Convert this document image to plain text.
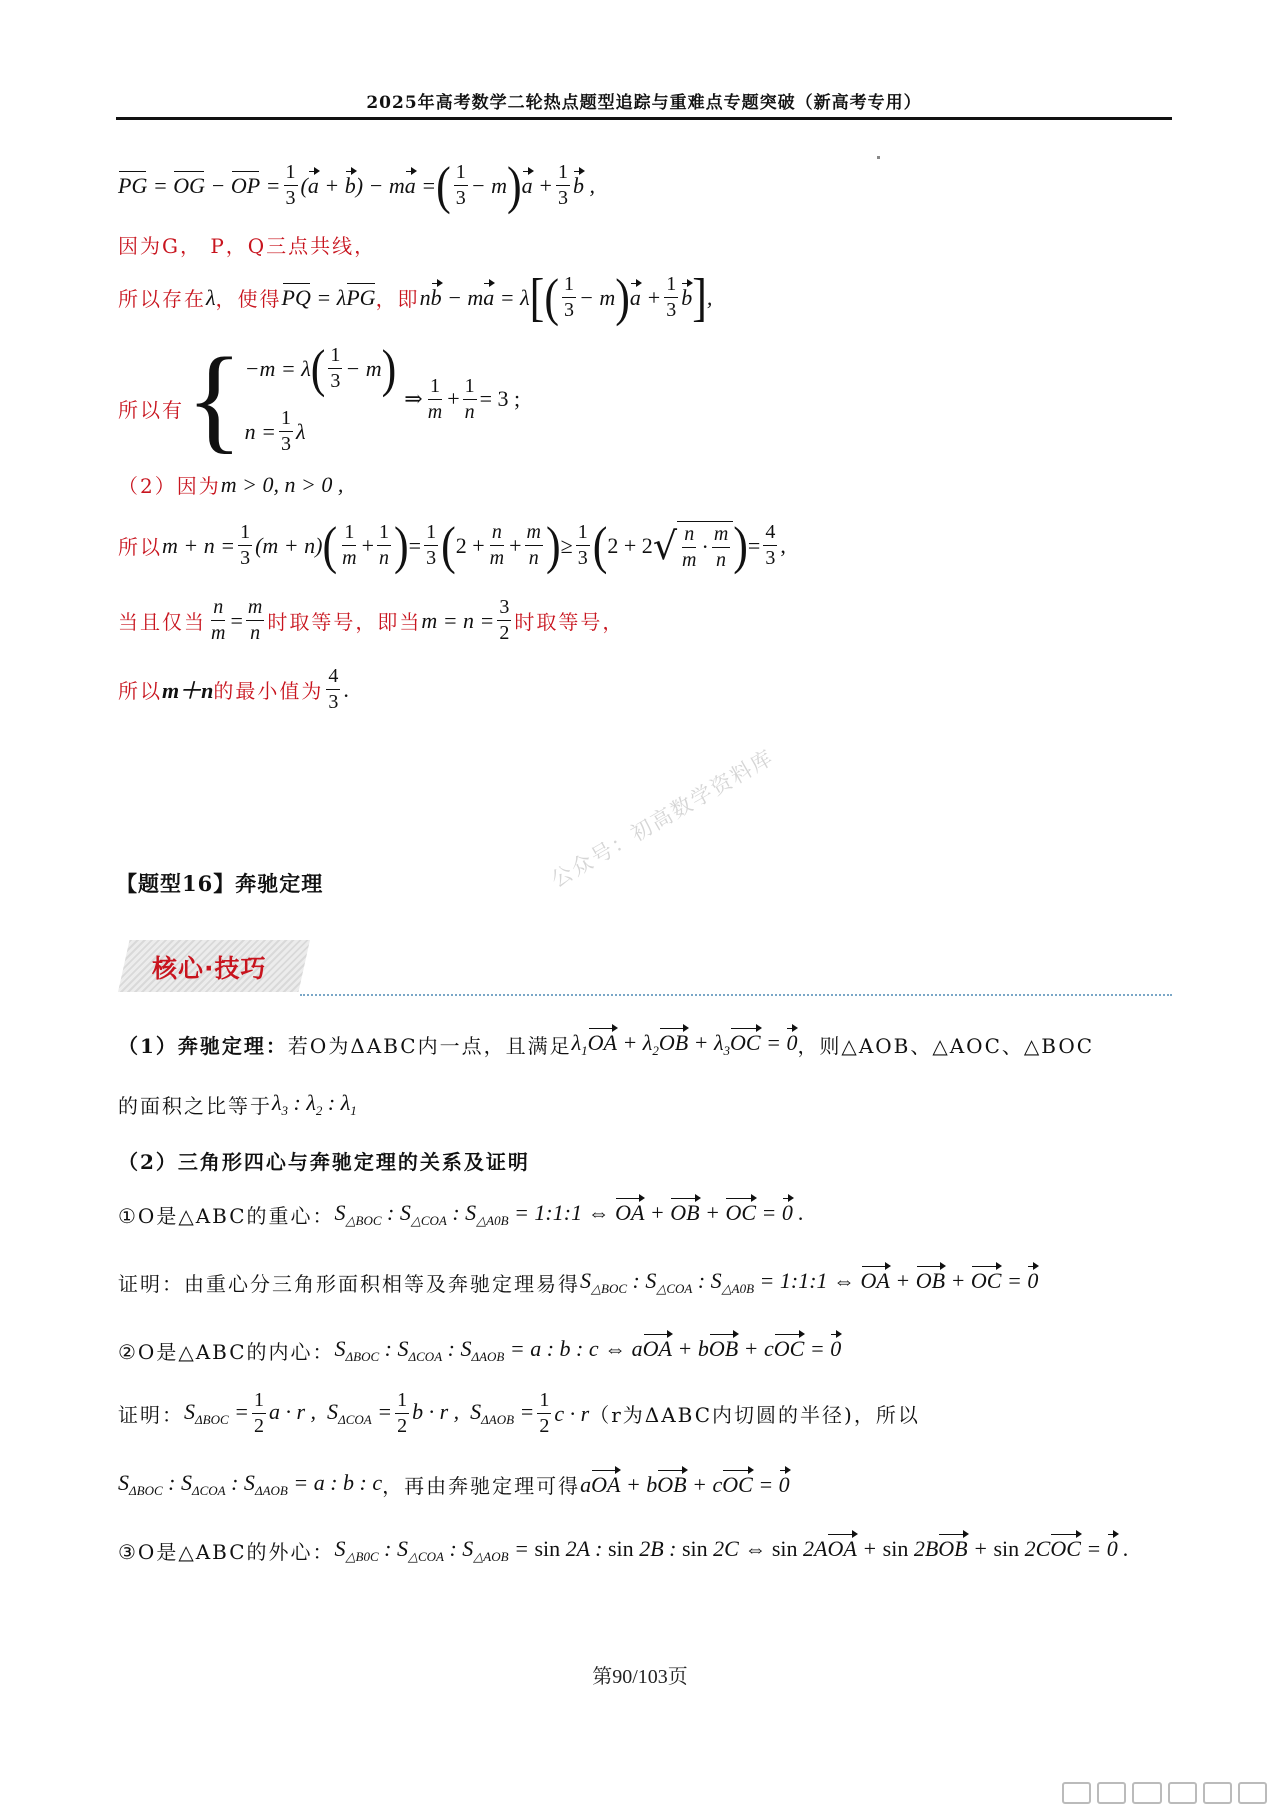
2025年高考数学二轮热点题型追踪与重难点专题突破（新高考专用）
PG = OG − OP = $\frac{1}{3} (a + b)$ − ma = ( $\frac{1}{3} - m$ ) $a + \frac{1}{3}$ b ,
因为G， P，Q三点共线，
所以存在 λ ，使得 PQ = λPG ，即 nb − ma = λ [ ( $\frac{1}{3} - m$ ) $a + \frac{1}{3}$ b ] ,
所以有 { −m = λ ( $\frac{1}{3} - m$ )
$n = \frac{1}{3}$ λ
⇒ $\frac{1}{m} + \frac{1}{n} = 3$ ;
（2）因为 m > 0, n > 0 ,
所以 $m + n = \frac{1}{3} (m + n)$ ( $\frac{1}{m} + \frac{1}{n}$ ) = $\frac{1}{3}$ ( $2 + \frac{n}{m} + \frac{m}{n}$ ) ≥ $\frac{1}{3}$ ( 2 + 2 √ $\frac{n}{m} \cdot \frac{m}{n}$ ) = $\frac{4}{3}$ ,
当且仅当 $\frac{n}{m} = \frac{m}{n}$ 时取等号，即当 $m = n = \frac{3}{2}$ 时取等号，
所以 m＋n 的最小值为 $\frac{4}{3}$ .
【题型16】奔驰定理	公众号：初高数学资料库
核心·技巧
（1）奔驰定理： 若O为ΔABC内一点，且满足 $\lambda_1OA + \lambda_2OB + \lambda_3OC = 0$ ，则△AOB、△AOC、△BOC
的面积之比等于 $\lambda_3$ : $\lambda_2$ : $\lambda_1$
（2）三角形四心与奔驰定理的关系及证明
①O是△ABC的重心： $S_{\triangle BOC}$ : $S_{\triangle COA}$ : $S_{\triangle A0B}$ = 1:1:1 ⇔ OA + OB + OC = 0 .
证明：由重心分三角形面积相等及奔驰定理易得 $S_{\triangle BOC}$ : $S_{\triangle COA}$ : $S_{\triangle A0B}$ = 1:1:1 ⇔ OA + OB + OC = 0
②O是△ABC的内心： $S_{\Delta BOC}$ : $S_{\Delta COA}$ : $S_{\Delta AOB} = a$ : b : c ⇔ aOA + bOB + cOC = 0
证明： $S_{\Delta BOC} = \frac{1}{2}$ a · r ,  $S_{\Delta COA} = \frac{1}{2}$ b · r ,  $S_{\Delta AOB} = \frac{1}{2}$ c · r （r为ΔABC内切圆的半径)，所以
$S_{\Delta BOC}$ : $S_{\Delta COA}$ : $S_{\Delta AOB} = a$ : b : c ，再由奔驰定理可得 aOA + bOB + cOC = 0
③O是△ABC的外心： $S_{\triangle B0C}$ : $S_{\triangle COA}$ : $S_{\triangle AOB} = \sin 2A$ : sin 2B : sin 2C ⇔ sin 2AOA + sin 2BOB + sin 2COC = 0 .
第90/103页
